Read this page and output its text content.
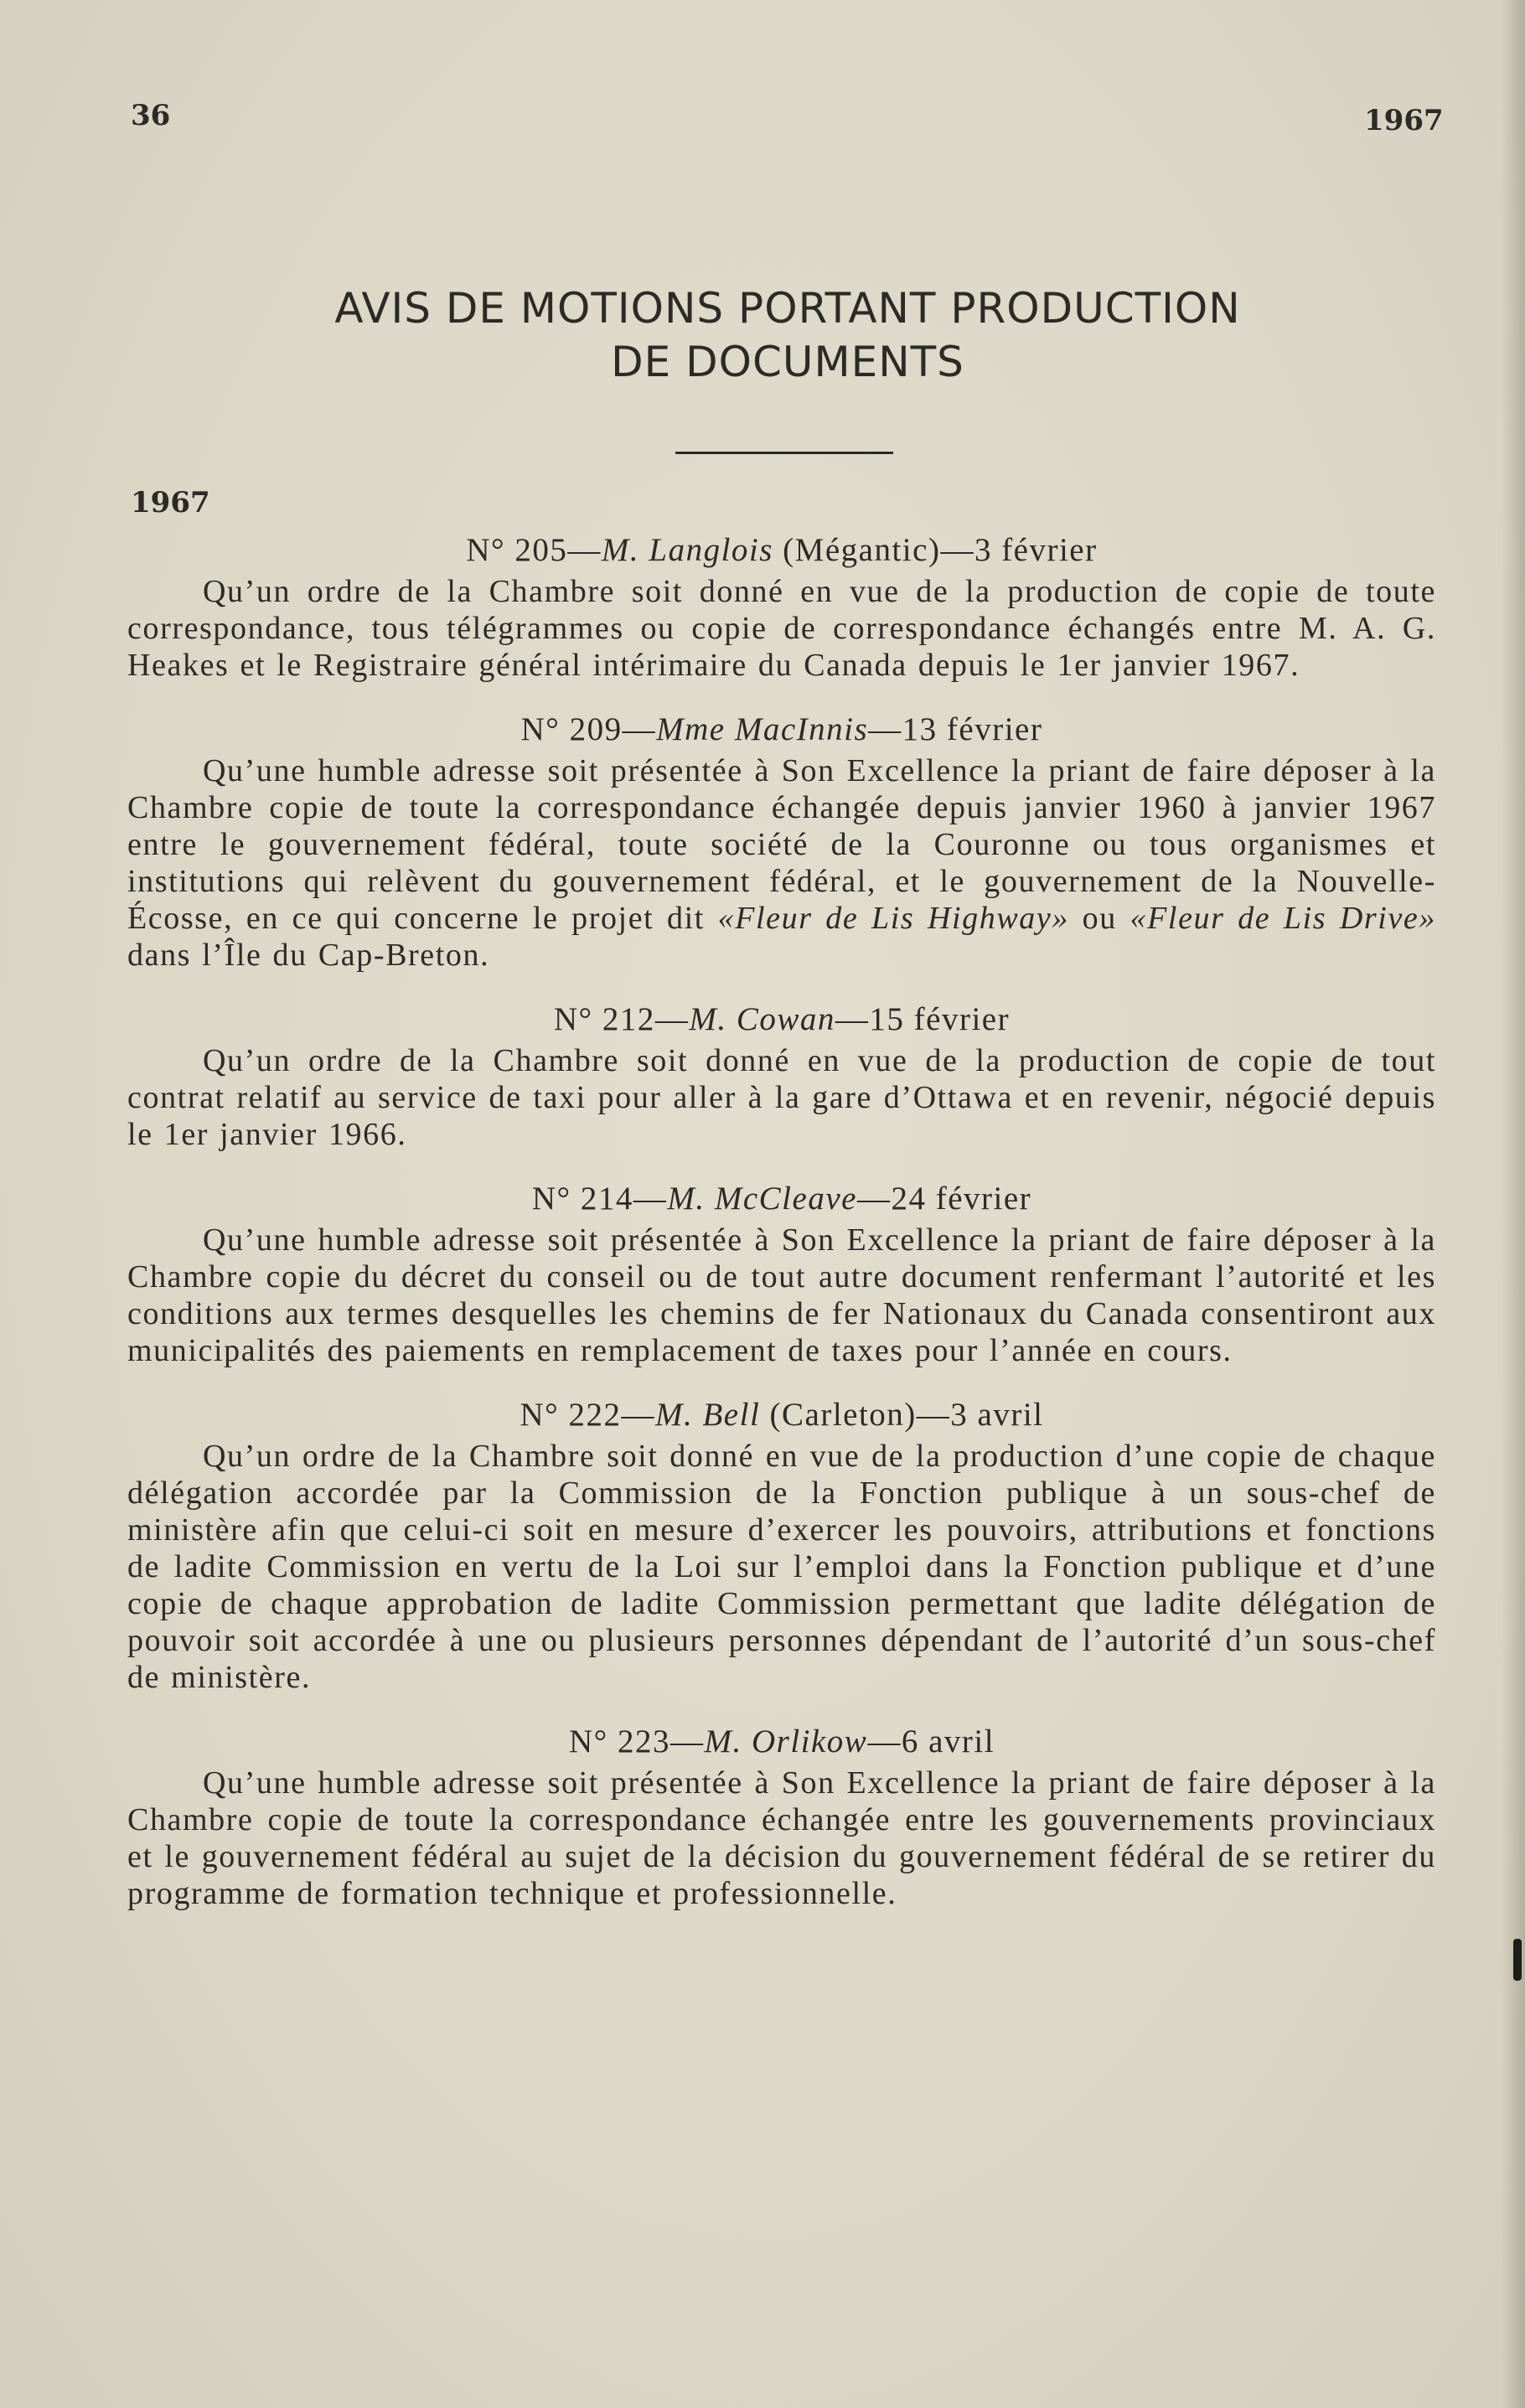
36	1967
AVIS DE MOTIONS PORTANT PRODUCTION
DE DOCUMENTS
1967
N° 205—M. Langlois (Mégantic)—3 février

Qu’un ordre de la Chambre soit donné en vue de la production de copie de toute correspondance, tous télégrammes ou copie de correspondance échangés entre M. A. G. Heakes et le Registraire général intérimaire du Canada depuis le 1er janvier 1967.

N° 209—Mme MacInnis—13 février

Qu’une humble adresse soit présentée à Son Excellence la priant de faire déposer à la Chambre copie de toute la correspondance échangée depuis janvier 1960 à janvier 1967 entre le gouvernement fédéral, toute société de la Couronne ou tous organismes et institutions qui relèvent du gouvernement fédéral, et le gouvernement de la Nouvelle-Écosse, en ce qui concerne le projet dit «Fleur de Lis Highway» ou «Fleur de Lis Drive» dans l’Île du Cap-Breton.

N° 212—M. Cowan—15 février

Qu’un ordre de la Chambre soit donné en vue de la production de copie de tout contrat relatif au service de taxi pour aller à la gare d’Ottawa et en revenir, négocié depuis le 1er janvier 1966.

N° 214—M. McCleave—24 février

Qu’une humble adresse soit présentée à Son Excellence la priant de faire déposer à la Chambre copie du décret du conseil ou de tout autre document renfermant l’autorité et les conditions aux termes desquelles les chemins de fer Nationaux du Canada consentiront aux municipalités des paiements en remplacement de taxes pour l’année en cours.

N° 222—M. Bell (Carleton)—3 avril

Qu’un ordre de la Chambre soit donné en vue de la production d’une copie de chaque délégation accordée par la Commission de la Fonction publique à un sous-chef de ministère afin que celui-ci soit en mesure d’exercer les pouvoirs, attributions et fonctions de ladite Commission en vertu de la Loi sur l’emploi dans la Fonction publique et d’une copie de chaque approbation de ladite Commission permettant que ladite délégation de pouvoir soit accordée à une ou plusieurs personnes dépendant de l’autorité d’un sous-chef de ministère.

N° 223—M. Orlikow—6 avril

Qu’une humble adresse soit présentée à Son Excellence la priant de faire déposer à la Chambre copie de toute la correspondance échangée entre les gouvernements provinciaux et le gouvernement fédéral au sujet de la décision du gouvernement fédéral de se retirer du programme de formation technique et professionnelle.
